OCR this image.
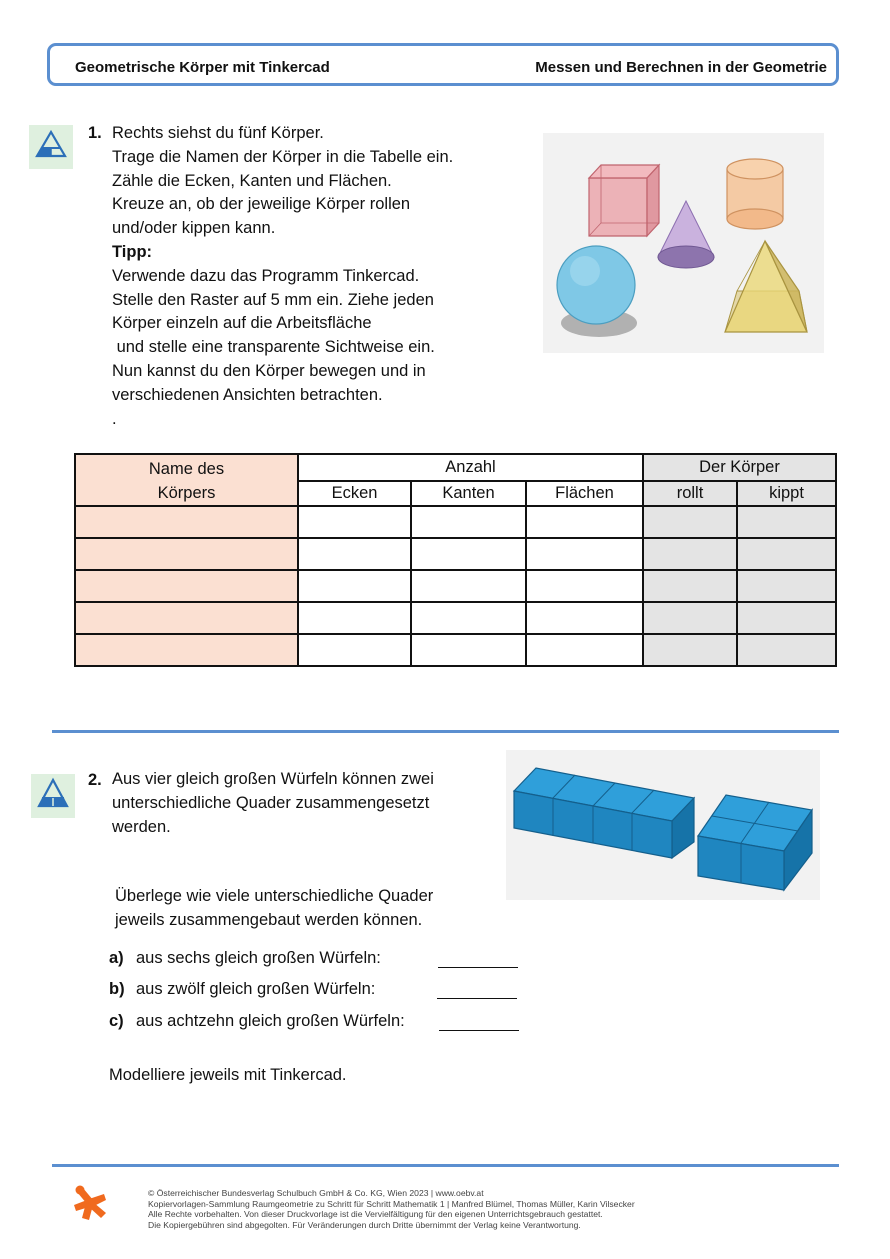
Geometrische Körper mit Tinkercad	Messen und Berechnen in der Geometrie
1. Rechts siehst du fünf Körper.
Trage die Namen der Körper in die Tabelle ein.
Zähle die Ecken, Kanten und Flächen.
Kreuze an, ob der jeweilige Körper rollen
und/oder kippen kann.
Tipp:
Verwende dazu das Programm Tinkercad.
Stelle den Raster auf 5 mm ein. Ziehe jeden
Körper einzeln auf die Arbeitsfläche
und stelle eine transparente Sichtweise ein.
Nun kannst du den Körper bewegen und in
verschiedenen Ansichten betrachten.
.
Name des
Körpers	Anzahl			Der Körper	
	Ecken	Kanten	Flächen	rollt	kippt

2. Aus vier gleich großen Würfeln können zwei
unterschiedliche Quader zusammengesetzt
werden.
Überlege wie viele unterschiedliche Quader
jeweils zusammengebaut werden können.
a) aus sechs gleich großen Würfeln:
b) aus zwölf gleich großen Würfeln:
c) aus achtzehn gleich großen Würfeln:
Modelliere jeweils mit Tinkercad.
© Österreichischer Bundesverlag Schulbuch GmbH & Co. KG, Wien 2023 | www.oebv.at
Kopiervorlagen-Sammlung Raumgeometrie zu Schritt für Schritt Mathematik 1 | Manfred Blümel, Thomas Müller, Karin Vilsecker
Alle Rechte vorbehalten. Von dieser Druckvorlage ist die Vervielfältigung für den eigenen Unterrichtsgebrauch gestattet.
Die Kopiergebühren sind abgegolten. Für Veränderungen durch Dritte übernimmt der Verlag keine Verantwortung.
